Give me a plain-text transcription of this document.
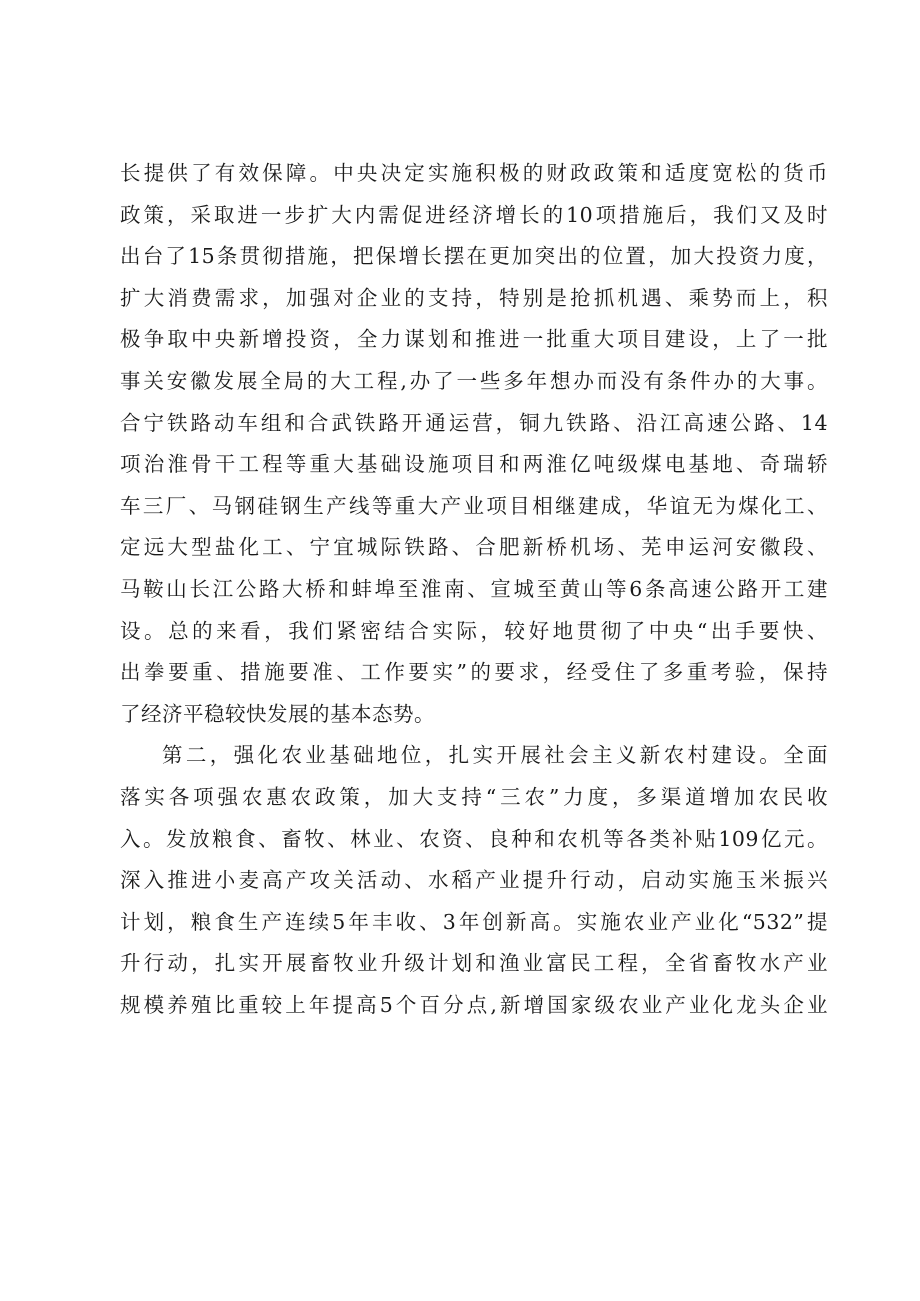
长提供了有效保障。中央决定实施积极的财政政策和适度宽松的货币
政策，采取进一步扩大内需促进经济增长的10项措施后，我们又及时
出台了15条贯彻措施，把保增长摆在更加突出的位置，加大投资力度，
扩大消费需求，加强对企业的支持，特别是抢抓机遇、乘势而上，积
极争取中央新增投资，全力谋划和推进一批重大项目建设，上了一批
事关安徽发展全局的大工程,办了一些多年想办而没有条件办的大事。
合宁铁路动车组和合武铁路开通运营，铜九铁路、沿江高速公路、14
项治淮骨干工程等重大基础设施项目和两淮亿吨级煤电基地、奇瑞轿
车三厂、马钢硅钢生产线等重大产业项目相继建成，华谊无为煤化工、
定远大型盐化工、宁宜城际铁路、合肥新桥机场、芜申运河安徽段、
马鞍山长江公路大桥和蚌埠至淮南、宣城至黄山等6条高速公路开工建
设。总的来看，我们紧密结合实际，较好地贯彻了中央“出手要快、
出拳要重、措施要准、工作要实”的要求，经受住了多重考验，保持
了经济平稳较快发展的基本态势。
第二，强化农业基础地位，扎实开展社会主义新农村建设。全面
落实各项强农惠农政策，加大支持“三农”力度，多渠道增加农民收
入。发放粮食、畜牧、林业、农资、良种和农机等各类补贴109亿元。
深入推进小麦高产攻关活动、水稻产业提升行动，启动实施玉米振兴
计划，粮食生产连续5年丰收、3年创新高。实施农业产业化“532”提
升行动，扎实开展畜牧业升级计划和渔业富民工程，全省畜牧水产业
规模养殖比重较上年提高5个百分点,新增国家级农业产业化龙头企业
